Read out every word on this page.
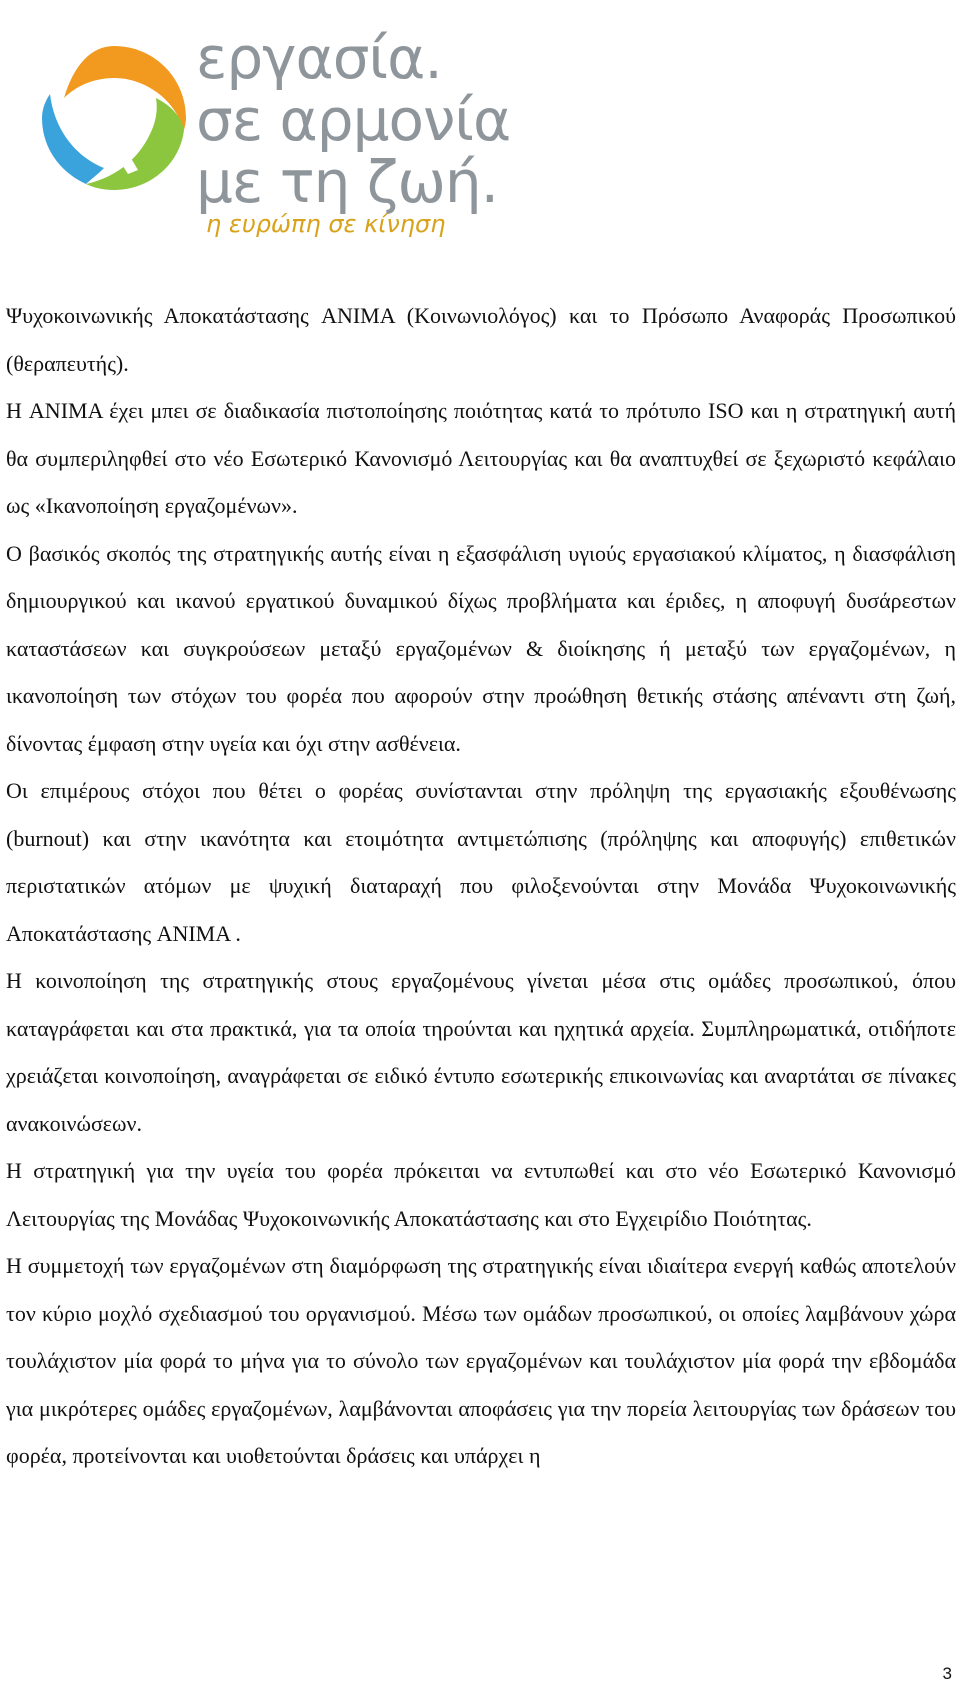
εργασία.
σε αρμονία
με τη ζωή.
η ευρώπη σε κίνηση

Ψυχοκοινωνικής Αποκατάστασης ANIMA (Κοινωνιολόγος) και το Πρόσωπο Αναφοράς Προσωπικού (θεραπευτής).

Η ANIMA έχει μπει σε διαδικασία πιστοποίησης ποιότητας κατά το πρότυπο ISO και η στρατηγική αυτή θα συμπεριληφθεί στο νέο Εσωτερικό Κανονισμό Λειτουργίας και θα αναπτυχθεί σε ξεχωριστό κεφάλαιο ως «Ικανοποίηση εργαζομένων».

Ο βασικός σκοπός της στρατηγικής αυτής είναι η εξασφάλιση υγιούς εργασιακού κλίματος, η διασφάλιση δημιουργικού και ικανού εργατικού δυναμικού δίχως προβλήματα και έριδες, η αποφυγή δυσάρεστων καταστάσεων και συγκρούσεων μεταξύ εργαζομένων & διοίκησης ή μεταξύ των εργαζομένων, η ικανοποίηση των στόχων του φορέα που αφορούν στην προώθηση θετικής στάσης απέναντι στη ζωή, δίνοντας έμφαση στην υγεία και όχι στην ασθένεια.

Οι επιμέρους στόχοι που θέτει ο φορέας συνίστανται στην πρόληψη της εργασιακής εξουθένωσης (burnout) και στην ικανότητα και ετοιμότητα αντιμετώπισης (πρόληψης και αποφυγής) επιθετικών περιστατικών ατόμων με ψυχική διαταραχή που φιλοξενούνται στην Μονάδα Ψυχοκοινωνικής Αποκατάστασης ANIMA .

Η κοινοποίηση της στρατηγικής στους εργαζομένους γίνεται μέσα στις ομάδες προσωπικού, όπου καταγράφεται και στα πρακτικά, για τα οποία τηρούνται και ηχητικά αρχεία. Συμπληρωματικά, οτιδήποτε χρειάζεται κοινοποίηση, αναγράφεται σε ειδικό έντυπο εσωτερικής επικοινωνίας και αναρτάται σε πίνακες ανακοινώσεων.

Η στρατηγική για την υγεία του φορέα πρόκειται να εντυπωθεί και στο νέο Εσωτερικό Κανονισμό Λειτουργίας της Μονάδας Ψυχοκοινωνικής Αποκατάστασης και στο Εγχειρίδιο Ποιότητας.

Η συμμετοχή των εργαζομένων στη διαμόρφωση της στρατηγικής είναι ιδιαίτερα ενεργή καθώς αποτελούν τον κύριο μοχλό σχεδιασμού του οργανισμού. Μέσω των ομάδων προσωπικού, οι οποίες λαμβάνουν χώρα τουλάχιστον μία φορά το μήνα για το σύνολο των εργαζομένων και τουλάχιστον μία φορά την εβδομάδα για μικρότερες ομάδες εργαζομένων, λαμβάνονται αποφάσεις για την πορεία λειτουργίας των δράσεων του φορέα, προτείνονται και υιοθετούνται δράσεις και υπάρχει η

3
